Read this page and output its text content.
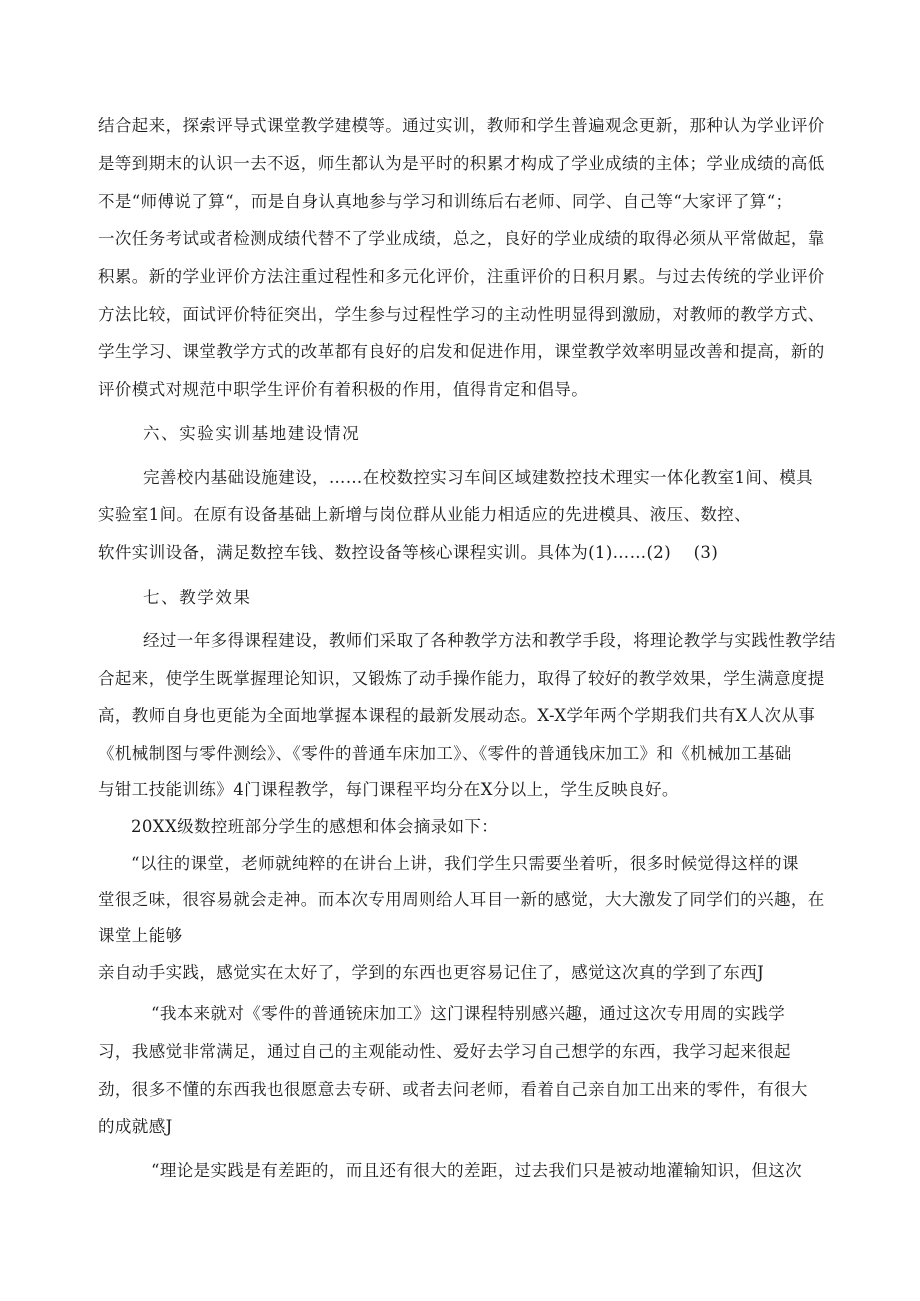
结合起来，探索评导式课堂教学建模等。通过实训，教师和学生普遍观念更新，那种认为学业评价
是等到期末的认识一去不返，师生都认为是平时的积累才构成了学业成绩的主体；学业成绩的高低
不是“师傅说了算“，而是自身认真地参与学习和训练后右老师、同学、自己等“大家评了算“；
一次任务考试或者检测成绩代替不了学业成绩，总之，良好的学业成绩的取得必须从平常做起，靠
积累。新的学业评价方法注重过程性和多元化评价，注重评价的日积月累。与过去传统的学业评价
方法比较，面试评价特征突出，学生参与过程性学习的主动性明显得到激励，对教师的教学方式、
学生学习、课堂教学方式的改革都有良好的启发和促进作用，课堂教学效率明显改善和提高，新的
评价模式对规范中职学生评价有着积极的作用，值得肯定和倡导。
六、实验实训基地建设情况
完善校内基础设施建设，……在校数控实习车间区域建数控技术理实一体化教室1间、模具
实验室1间。在原有设备基础上新增与岗位群从业能力相适应的先进模具、液压、数控、
软件实训设备，满足数控车钱、数控设备等核心课程实训。具体为(1)……(2)　 (3)
七、教学效果
经过一年多得课程建设，教师们采取了各种教学方法和教学手段，将理论教学与实践性教学结
合起来，使学生既掌握理论知识，又锻炼了动手操作能力，取得了较好的教学效果，学生满意度提
高，教师自身也更能为全面地掌握本课程的最新发展动态。X-X学年两个学期我们共有X人次从事
《机械制图与零件测绘》、《零件的普通车床加工》、《零件的普通钱床加工》和《机械加工基础
与钳工技能训练》4门课程教学，每门课程平均分在X分以上，学生反映良好。
20XX级数控班部分学生的感想和体会摘录如下：
“以往的课堂，老师就纯粹的在讲台上讲，我们学生只需要坐着听，很多时候觉得这样的课
堂很乏味，很容易就会走神。而本次专用周则给人耳目一新的感觉，大大激发了同学们的兴趣，在
课堂上能够
亲自动手实践，感觉实在太好了，学到的东西也更容易记住了，感觉这次真的学到了东西J
“我本来就对《零件的普通铳床加工》这门课程特别感兴趣，通过这次专用周的实践学
习，我感觉非常满足，通过自己的主观能动性、爱好去学习自己想学的东西，我学习起来很起
劲，很多不懂的东西我也很愿意去专研、或者去问老师，看着自己亲自加工出来的零件，有很大
的成就感J
“理论是实践是有差距的，而且还有很大的差距，过去我们只是被动地灌输知识，但这次
